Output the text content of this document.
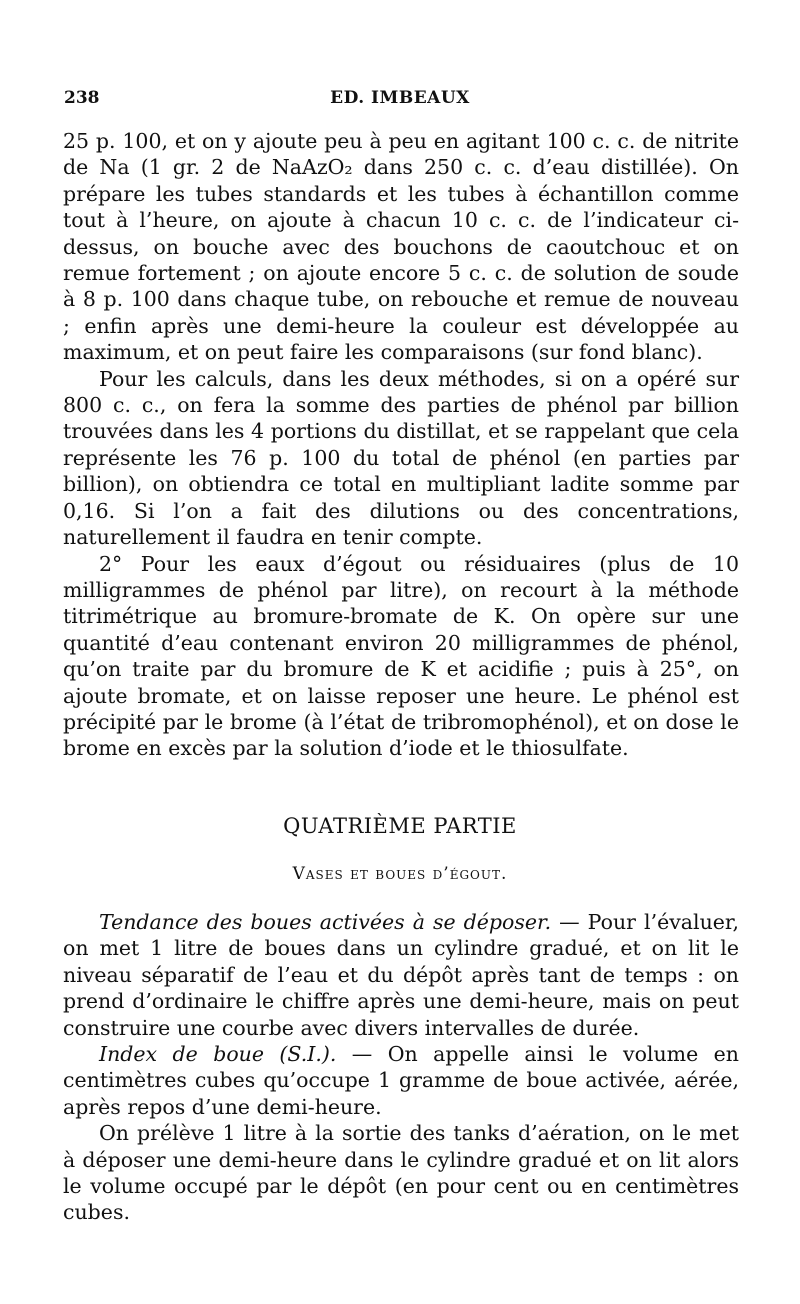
238	ED. IMBEAUX

25 p. 100, et on y ajoute peu à peu en agitant 100 c. c. de nitrite de Na (1 gr. 2 de NaAzO₂ dans 250 c. c. d’eau distillée). On prépare les tubes standards et les tubes à échantillon comme tout à l’heure, on ajoute à chacun 10 c. c. de l’indicateur ci-dessus, on bouche avec des bouchons de caoutchouc et on remue fortement ; on ajoute encore 5 c. c. de solution de soude à 8 p. 100 dans chaque tube, on rebouche et remue de nouveau ; enfin après une demi-heure la couleur est développée au maximum, et on peut faire les comparaisons (sur fond blanc).

Pour les calculs, dans les deux méthodes, si on a opéré sur 800 c. c., on fera la somme des parties de phénol par billion trouvées dans les 4 portions du distillat, et se rappelant que cela représente les 76 p. 100 du total de phénol (en parties par billion), on obtiendra ce total en multipliant ladite somme par 0,16. Si l’on a fait des dilutions ou des concentrations, naturellement il faudra en tenir compte.

2° Pour les eaux d’égout ou résiduaires (plus de 10 milligrammes de phénol par litre), on recourt à la méthode titrimétrique au bromure-bromate de K. On opère sur une quantité d’eau contenant environ 20 milligrammes de phénol, qu’on traite par du bromure de K et acidifie ; puis à 25°, on ajoute bromate, et on laisse reposer une heure. Le phénol est précipité par le brome (à l’état de tribromophénol), et on dose le brome en excès par la solution d’iode et le thiosulfate.

QUATRIÈME PARTIE
Vases et boues d’égout.

Tendance des boues activées à se déposer. — Pour l’évaluer, on met 1 litre de boues dans un cylindre gradué, et on lit le niveau séparatif de l’eau et du dépôt après tant de temps : on prend d’ordinaire le chiffre après une demi-heure, mais on peut construire une courbe avec divers intervalles de durée.

Index de boue (S.I.). — On appelle ainsi le volume en centimètres cubes qu’occupe 1 gramme de boue activée, aérée, après repos d’une demi-heure.

On prélève 1 litre à la sortie des tanks d’aération, on le met à déposer une demi-heure dans le cylindre gradué et on lit alors le volume occupé par le dépôt (en pour cent ou en centimètres cubes.
